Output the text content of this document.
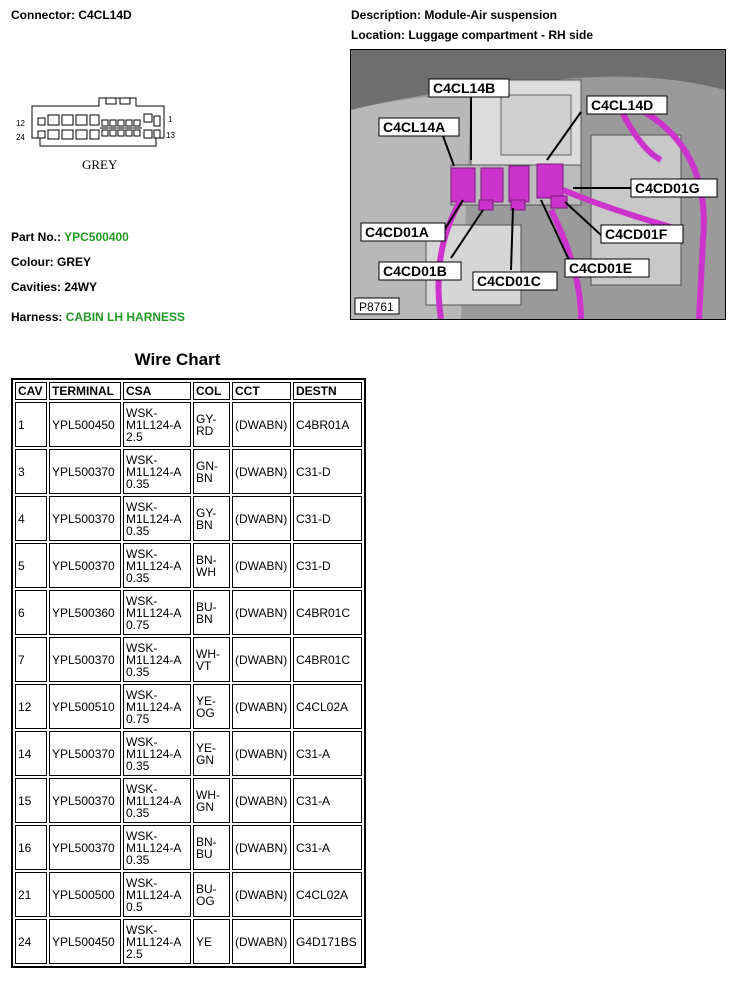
Connector: C4CL14D	Description: Module-Air suspension
Location: Luggage compartment - RH side
12
24
1
13
GREY
Part No.: YPC500400
Colour: GREY
Cavities: 24WY
Harness: CABIN LH HARNESS
C4CL14B
C4CL14D
C4CL14A
C4CD01G
C4CD01A	C4CD01F
C4CD01E
C4CD01B
C4CD01C
P8761
Wire Chart
CAV	TERMINAL	CSA	COL	CCT	DESTN
1	YPL500450	WSK-M1L124-A 2.5	GY-RD	(DWABN)	C4BR01A
3	YPL500370	WSK-M1L124-A 0.35	GN-BN	(DWABN)	C31-D
4	YPL500370	WSK-M1L124-A 0.35	GY-BN	(DWABN)	C31-D
5	YPL500370	WSK-M1L124-A 0.35	BN-WH	(DWABN)	C31-D
6	YPL500360	WSK-M1L124-A 0.75	BU-BN	(DWABN)	C4BR01C
7	YPL500370	WSK-M1L124-A 0.35	WH-VT	(DWABN)	C4BR01C
12	YPL500510	WSK-M1L124-A 0.75	YE-OG	(DWABN)	C4CL02A
14	YPL500370	WSK-M1L124-A 0.35	YE-GN	(DWABN)	C31-A
15	YPL500370	WSK-M1L124-A 0.35	WH-GN	(DWABN)	C31-A
16	YPL500370	WSK-M1L124-A 0.35	BN-BU	(DWABN)	C31-A
21	YPL500500	WSK-M1L124-A 0.5	BU-OG	(DWABN)	C4CL02A
24	YPL500450	WSK-M1L124-A 2.5	YE	(DWABN)	G4D171BS
